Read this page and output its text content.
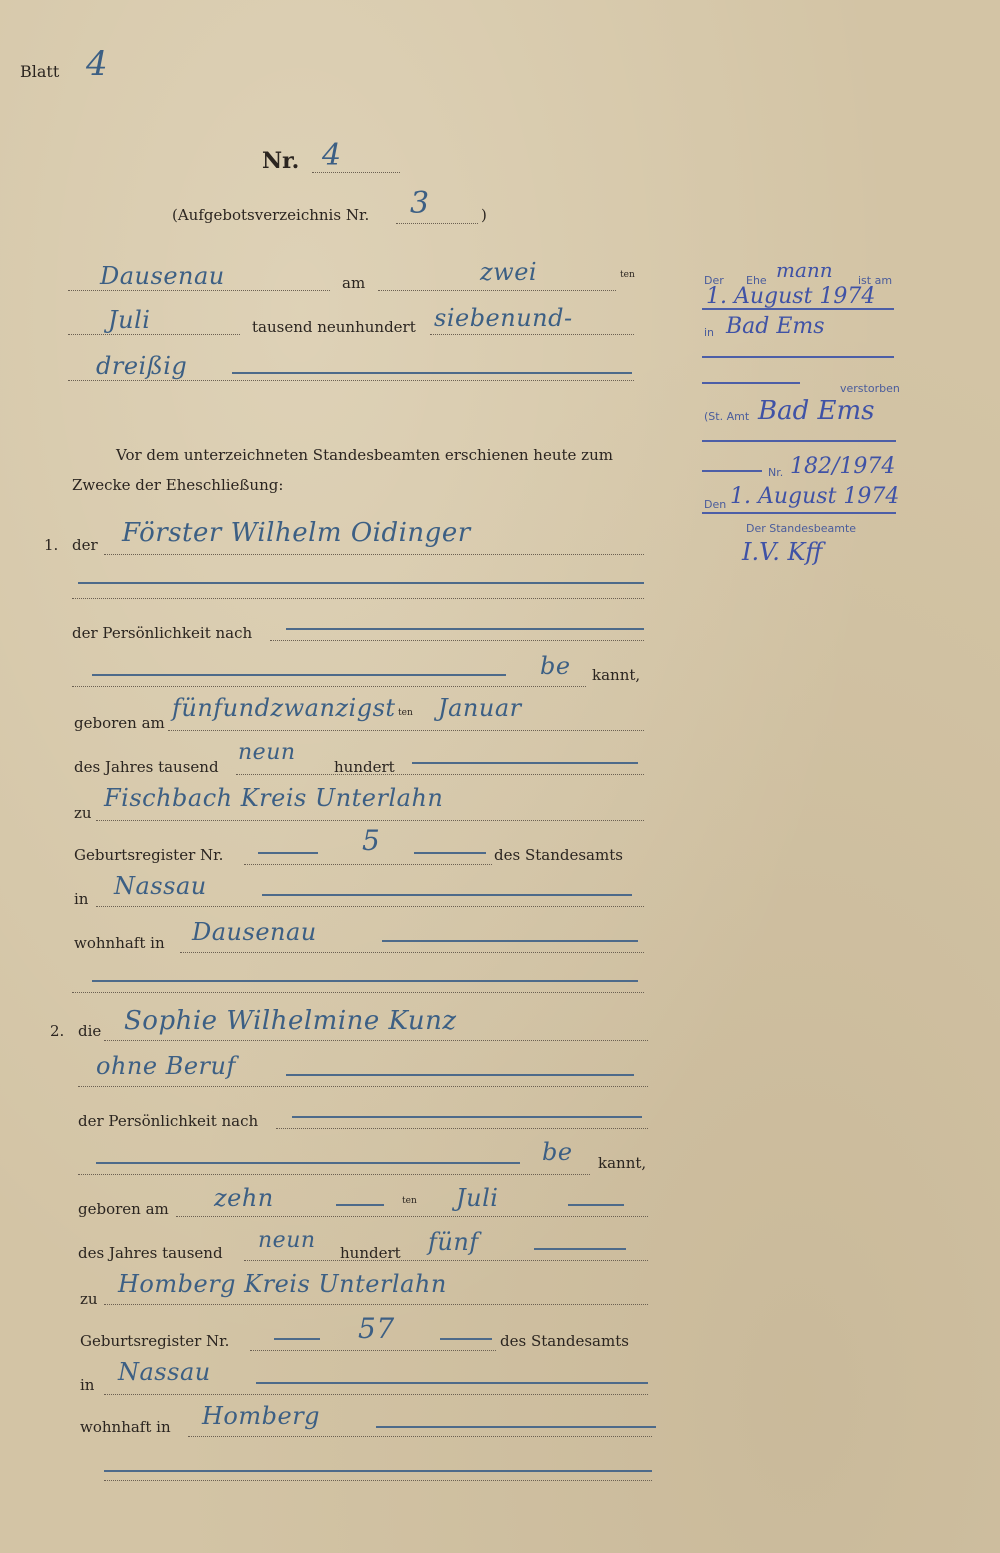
Blatt 4
Nr. 4
(Aufgebotsverzeichnis Nr. 3	)
Dausenau	am	zwei	ten
Juli	tausend neunhundert siebenund-
dreißig
Vor dem unterzeichneten Standesbeamten erschienen heute zum
Zwecke der Eheschließung:
1. der Förster Wilhelm Oidinger
der Persönlichkeit nach
be kannt,
geboren am
fünfundzwanzigst ten Januar
des Jahres tausend
neun
hundert
zu
Fischbach Kreis Unterlahn
Geburtsregister Nr.	5	des Standesamts
in Nassau
wohnhaft in Dausenau
2. die Sophie Wilhelmine Kunz
ohne Beruf
der Persönlichkeit nach
be kannt,
geboren am zehn	ten Juli
des Jahres tausend neun hundert fünf
zu
Homberg Kreis Unterlahn
Geburtsregister Nr.	57	des Standesamts
in Nassau
wohnhaft in Homberg
Der Ehe mann ist am
1. August 1974
in Bad Ems
verstorben
(St. Amt Bad Ems
Nr. 182/1974
Den 1. August 1974
Der Standesbeamte
I.V. Kff
